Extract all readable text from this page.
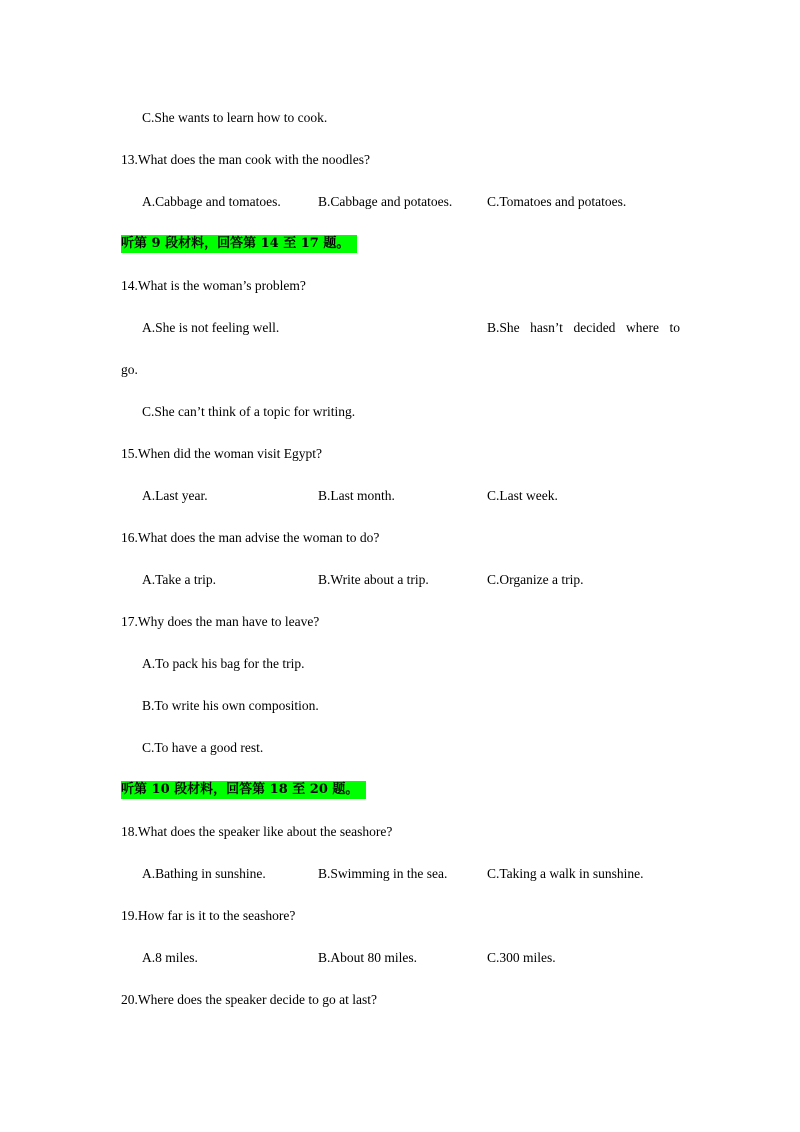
C.She wants to learn how to cook.
13.What does the man cook with the noodles?
A.Cabbage and tomatoes.	B.Cabbage and potatoes.	C.Tomatoes and potatoes.
听第 9 段材料，回答第 14 至 17 题。
14.What is the woman’s problem?
A.She is not feeling well.	B.She hasn’t decided where to
go.
C.She can’t think of a topic for writing.
15.When did the woman visit Egypt?
A.Last year.	B.Last month.	C.Last week.
16.What does the man advise the woman to do?
A.Take a trip.	B.Write about a trip.	C.Organize a trip.
17.Why does the man have to leave?
A.To pack his bag for the trip.
B.To write his own composition.
C.To have a good rest.
听第 10 段材料，回答第 18 至 20 题。
18.What does the speaker like about the seashore?
A.Bathing in sunshine.	B.Swimming in the sea.	C.Taking a walk in sunshine.
19.How far is it to the seashore?
A.8 miles.	B.About 80 miles.	C.300 miles.
20.Where does the speaker decide to go at last?
